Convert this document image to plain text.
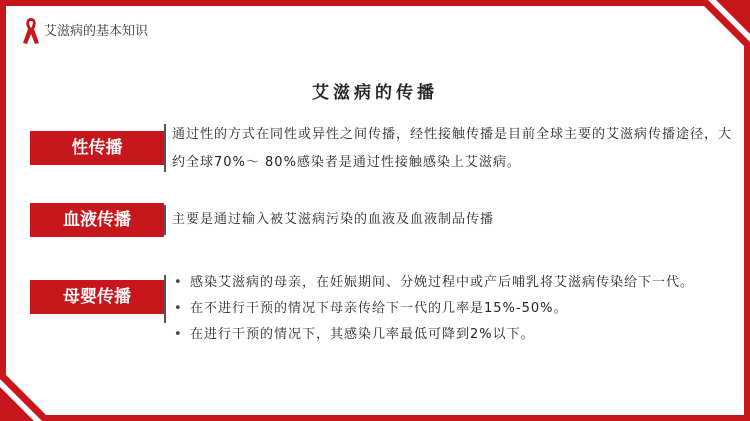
艾滋病的基本知识
艾滋病的传播
性传播
通过性的方式在同性或异性之间传播，经性接触传播是目前全球主要的艾滋病传播途径，大约全球70%～ 80%感染者是通过性接触感染上艾滋病。
血液传播	主要是通过输入被艾滋病污染的血液及血液制品传播
母婴传播
• 感染艾滋病的母亲，在妊娠期间、分娩过程中或产后哺乳将艾滋病传染给下一代。
• 在不进行干预的情况下母亲传给下一代的几率是15%-50%。
• 在进行干预的情况下，其感染几率最低可降到2%以下。
